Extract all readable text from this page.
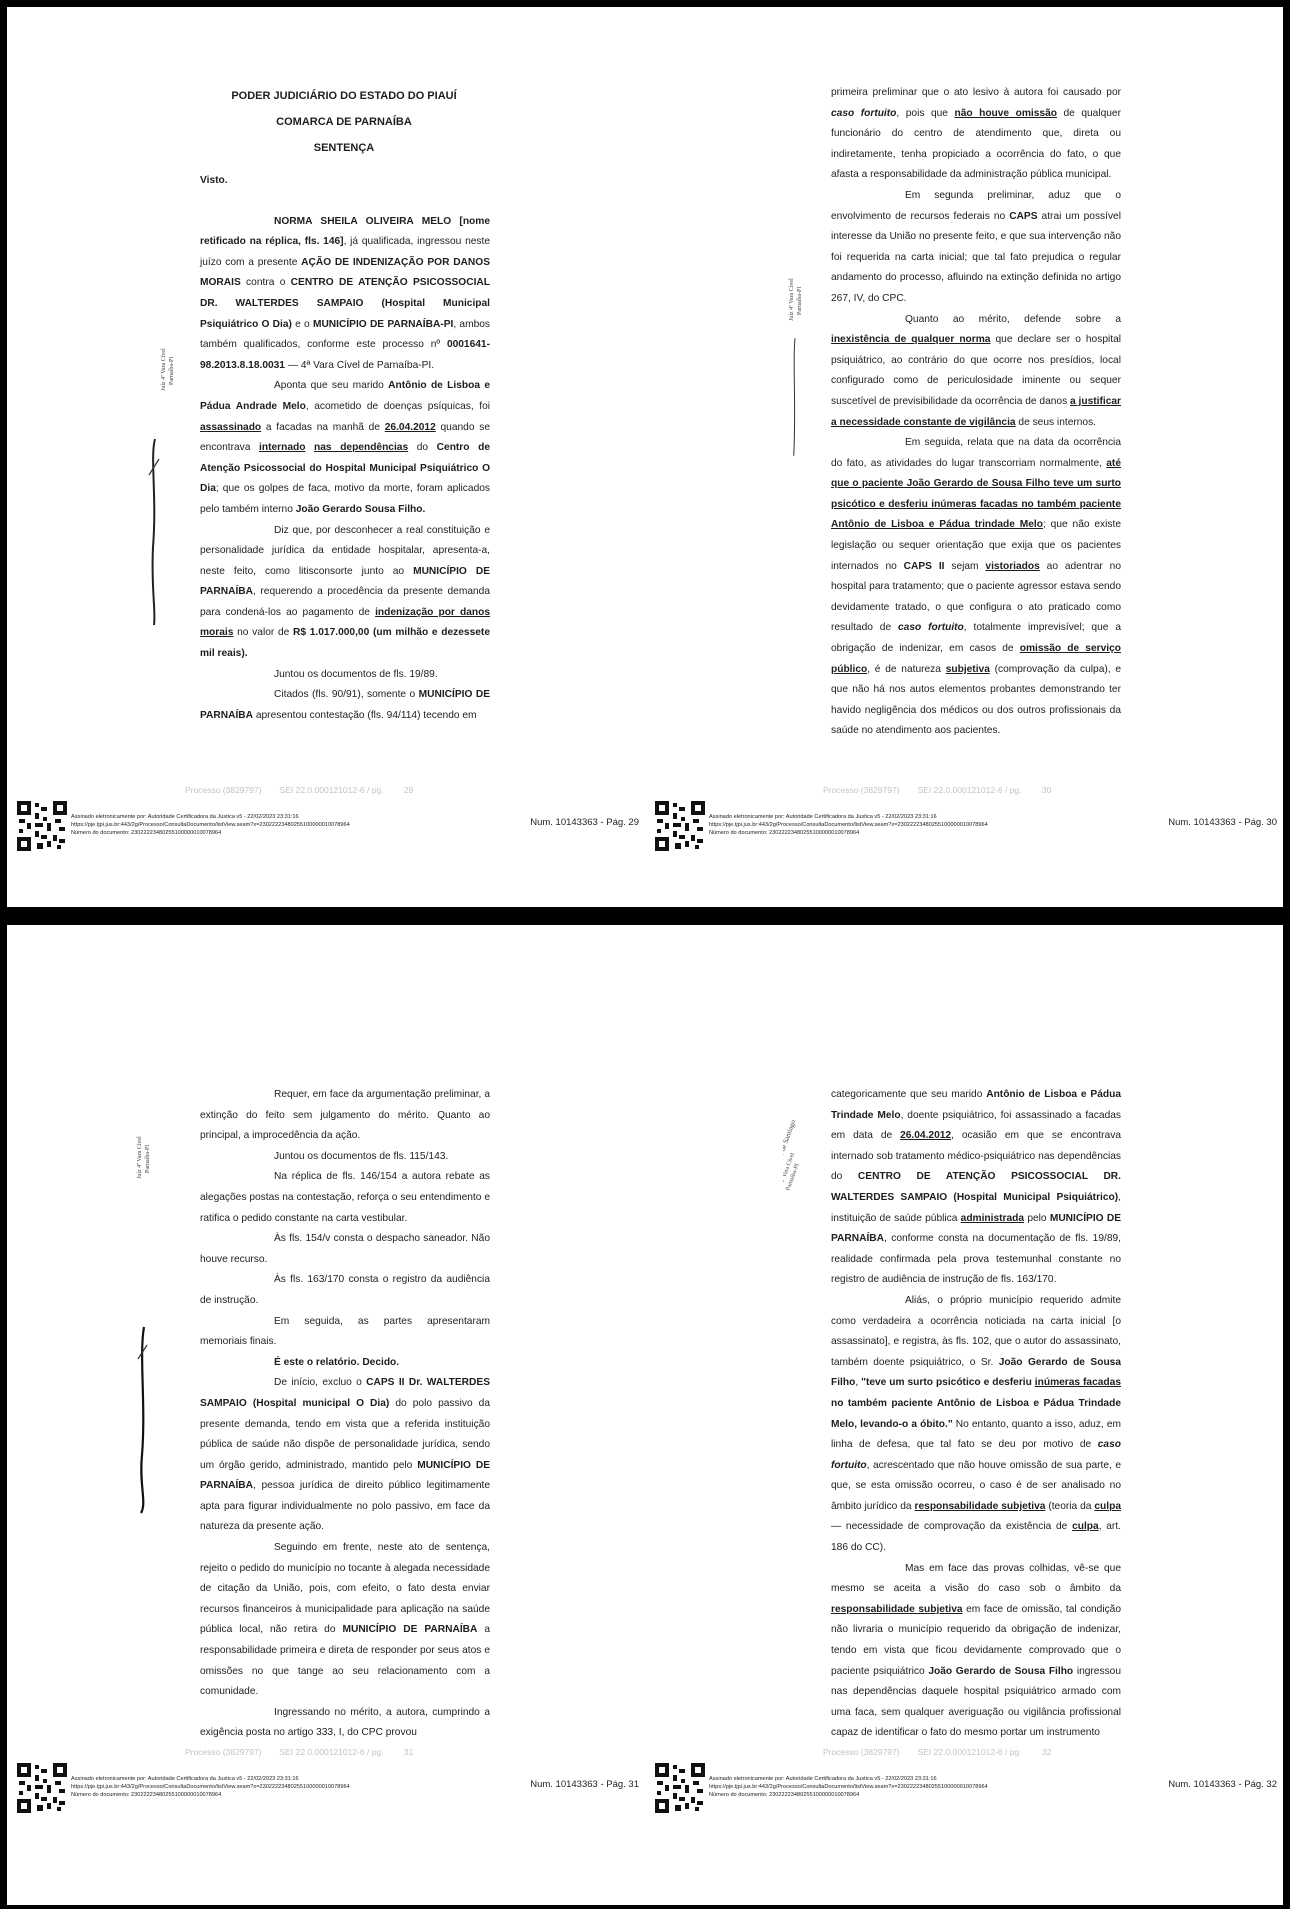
Juíz 4ª Vara Cível Parnaíba-PI
PODER JUDICIÁRIO DO ESTADO DO PIAUÍ
COMARCA DE PARNAÍBA
SENTENÇA

Visto.

NORMA SHEILA OLIVEIRA MELO [nome retificado na réplica, fls. 146], já qualificada, ingressou neste juízo com a presente AÇÃO DE INDENIZAÇÃO POR DANOS MORAIS contra o CENTRO DE ATENÇÃO PSICOSSOCIAL DR. WALTERDES SAMPAIO (Hospital Municipal Psiquiátrico O Dia) e o MUNICÍPIO DE PARNAÍBA-PI, ambos também qualificados, conforme este processo nº 0001641-98.2013.8.18.0031 — 4ª Vara Cível de Parnaíba-PI.

Aponta que seu marido Antônio de Lisboa e Pádua Andrade Melo, acometido de doenças psíquicas, foi assassinado a facadas na manhã de 26.04.2012 quando se encontrava internado nas dependências do Centro de Atenção Psicossocial do Hospital Municipal Psiquiátrico O Dia; que os golpes de faca, motivo da morte, foram aplicados pelo também interno João Gerardo Sousa Filho.

Diz que, por desconhecer a real constituição e personalidade jurídica da entidade hospitalar, apresenta-a, neste feito, como litisconsorte junto ao MUNICÍPIO DE PARNAÍBA, requerendo a procedência da presente demanda para condená-los ao pagamento de indenização por danos morais no valor de R$ 1.017.000,00 (um milhão e dezessete mil reais).

Juntou os documentos de fls. 19/89.

Citados (fls. 90/91), somente o MUNICÍPIO DE PARNAÍBA apresentou contestação (fls. 94/114) tecendo em

Processo (3829797) SEI 22.0.000121012-6 / pg. 29
Assinado eletronicamente por: Autoridade Certificadora da Justica v5 - 22/02/2023 23:31:16
https://pje.tjpi.jus.br:443/2g/Processo/ConsultaDocumento/listView.seam?x=23022223480255100000010078964
Número do documento: 23022223480255100000010078964
Num. 10143363 - Pág. 29
Juíz 4ª Vara Cível Parnaíba-PI

primeira preliminar que o ato lesivo à autora foi causado por caso fortuito, pois que não houve omissão de qualquer funcionário do centro de atendimento que, direta ou indiretamente, tenha propiciado a ocorrência do fato, o que afasta a responsabilidade da administração pública municipal.

Em segunda preliminar, aduz que o envolvimento de recursos federais no CAPS atrai um possível interesse da União no presente feito, e que sua intervenção não foi requerida na carta inicial; que tal fato prejudica o regular andamento do processo, afluindo na extinção definida no artigo 267, IV, do CPC.

Quanto ao mérito, defende sobre a inexistência de qualquer norma que declare ser o hospital psiquiátrico, ao contrário do que ocorre nos presídios, local configurado como de periculosidade iminente ou sequer suscetível de previsibilidade da ocorrência de danos a justificar a necessidade constante de vigilância de seus internos.

Em seguida, relata que na data da ocorrência do fato, as atividades do lugar transcorriam normalmente, até que o paciente João Gerardo de Sousa Filho teve um surto psicótico e desferiu inúmeras facadas no também paciente Antônio de Lisboa e Pádua trindade Melo; que não existe legislação ou sequer orientação que exija que os pacientes internados no CAPS II sejam vistoriados ao adentrar no hospital para tratamento; que o paciente agressor estava sendo devidamente tratado, o que configura o ato praticado como resultado de caso fortuito, totalmente imprevisível; que a obrigação de indenizar, em casos de omissão de serviço público, é de natureza subjetiva (comprovação da culpa), e que não há nos autos elementos probantes demonstrando ter havido negligência dos médicos ou dos outros profissionais da saúde no atendimento aos pacientes.

Processo (3829797) SEI 22.0.000121012-6 / pg. 30
Assinado eletronicamente por: Autoridade Certificadora da Justica v5 - 22/02/2023 23:31:16
https://pje.tjpi.jus.br:443/2g/Processo/ConsultaDocumento/listView.seam?x=23022223480255100000010078964
Número do documento: 23022223480255100000010078964
Num. 10143363 - Pág. 30
Juíz 4ª Vara Cível Parnaíba-PI

Requer, em face da argumentação preliminar, a extinção do feito sem julgamento do mérito. Quanto ao principal, a improcedência da ação.

Juntou os documentos de fls. 115/143.

Na réplica de fls. 146/154 a autora rebate as alegações postas na contestação, reforça o seu entendimento e ratifica o pedido constante na carta vestibular.

Às fls. 154/v consta o despacho saneador. Não houve recurso.

Às fls. 163/170 consta o registro da audiência de instrução.

Em seguida, as partes apresentaram memoriais finais.

É este o relatório. Decido.

De início, excluo o CAPS II Dr. WALTERDES SAMPAIO (Hospital municipal O Dia) do polo passivo da presente demanda, tendo em vista que a referida instituição pública de saúde não dispõe de personalidade jurídica, sendo um órgão gerido, administrado, mantido pelo MUNICÍPIO DE PARNAÍBA, pessoa jurídica de direito público legitimamente apta para figurar individualmente no polo passivo, em face da natureza da presente ação.

Seguindo em frente, neste ato de sentença, rejeito o pedido do município no tocante à alegada necessidade de citação da União, pois, com efeito, o fato desta enviar recursos financeiros à municipalidade para aplicação na saúde pública local, não retira do MUNICÍPIO DE PARNAÍBA a responsabilidade primeira e direta de responder por seus atos e omissões no que tange ao seu relacionamento com a comunidade.

Ingressando no mérito, a autora, cumprindo a exigência posta no artigo 333, I, do CPC provou

Processo (3829797) SEI 22.0.000121012-6 / pg. 31
Assinado eletronicamente por: Autoridade Certificadora da Justica v5 - 22/02/2023 23:31:16
https://pje.tjpi.jus.br:443/2g/Processo/ConsultaDocumento/listView.seam?x=23022223480255100000010078964
Número do documento: 23022223480255100000010078964
Num. 10143363 - Pág. 31
Macedo de Santiago
4ª Vara Cível
Parnaíba-PI

categoricamente que seu marido Antônio de Lisboa e Pádua Trindade Melo, doente psiquiátrico, foi assassinado a facadas em data de 26.04.2012, ocasião em que se encontrava internado sob tratamento médico-psiquiátrico nas dependências do CENTRO DE ATENÇÃO PSICOSSOCIAL DR. WALTERDES SAMPAIO (Hospital Municipal Psiquiátrico), instituição de saúde pública administrada pelo MUNICÍPIO DE PARNAÍBA, conforme consta na documentação de fls. 19/89, realidade confirmada pela prova testemunhal constante no registro de audiência de instrução de fls. 163/170.

Aliás, o próprio município requerido admite como verdadeira a ocorrência noticiada na carta inicial [o assassinato], e registra, às fls. 102, que o autor do assassinato, também doente psiquiátrico, o Sr. João Gerardo de Sousa Filho, "teve um surto psicótico e desferiu inúmeras facadas no também paciente Antônio de Lisboa e Pádua Trindade Melo, levando-o a óbito." No entanto, quanto a isso, aduz, em linha de defesa, que tal fato se deu por motivo de caso fortuito, acrescentado que não houve omissão de sua parte, e que, se esta omissão ocorreu, o caso é de ser analisado no âmbito jurídico da responsabilidade subjetiva (teoria da culpa — necessidade de comprovação da existência de culpa, art. 186 do CC).

Mas em face das provas colhidas, vê-se que mesmo se aceita a visão do caso sob o âmbito da responsabilidade subjetiva em face de omissão, tal condição não livraria o município requerido da obrigação de indenizar, tendo em vista que ficou devidamente comprovado que o paciente psiquiátrico João Gerardo de Sousa Filho ingressou nas dependências daquele hospital psiquiátrico armado com uma faca, sem qualquer averiguação ou vigilância profissional capaz de identificar o fato do mesmo portar um instrumento

Processo (3829797) SEI 22.0.000121012-6 / pg. 32
Assinado eletronicamente por: Autoridade Certificadora da Justica v5 - 22/02/2023 23:31:16
https://pje.tjpi.jus.br:443/2g/Processo/ConsultaDocumento/listView.seam?x=23022223480255100000010078964
Número do documento: 23022223480255100000010078964
Num. 10143363 - Pág. 32
